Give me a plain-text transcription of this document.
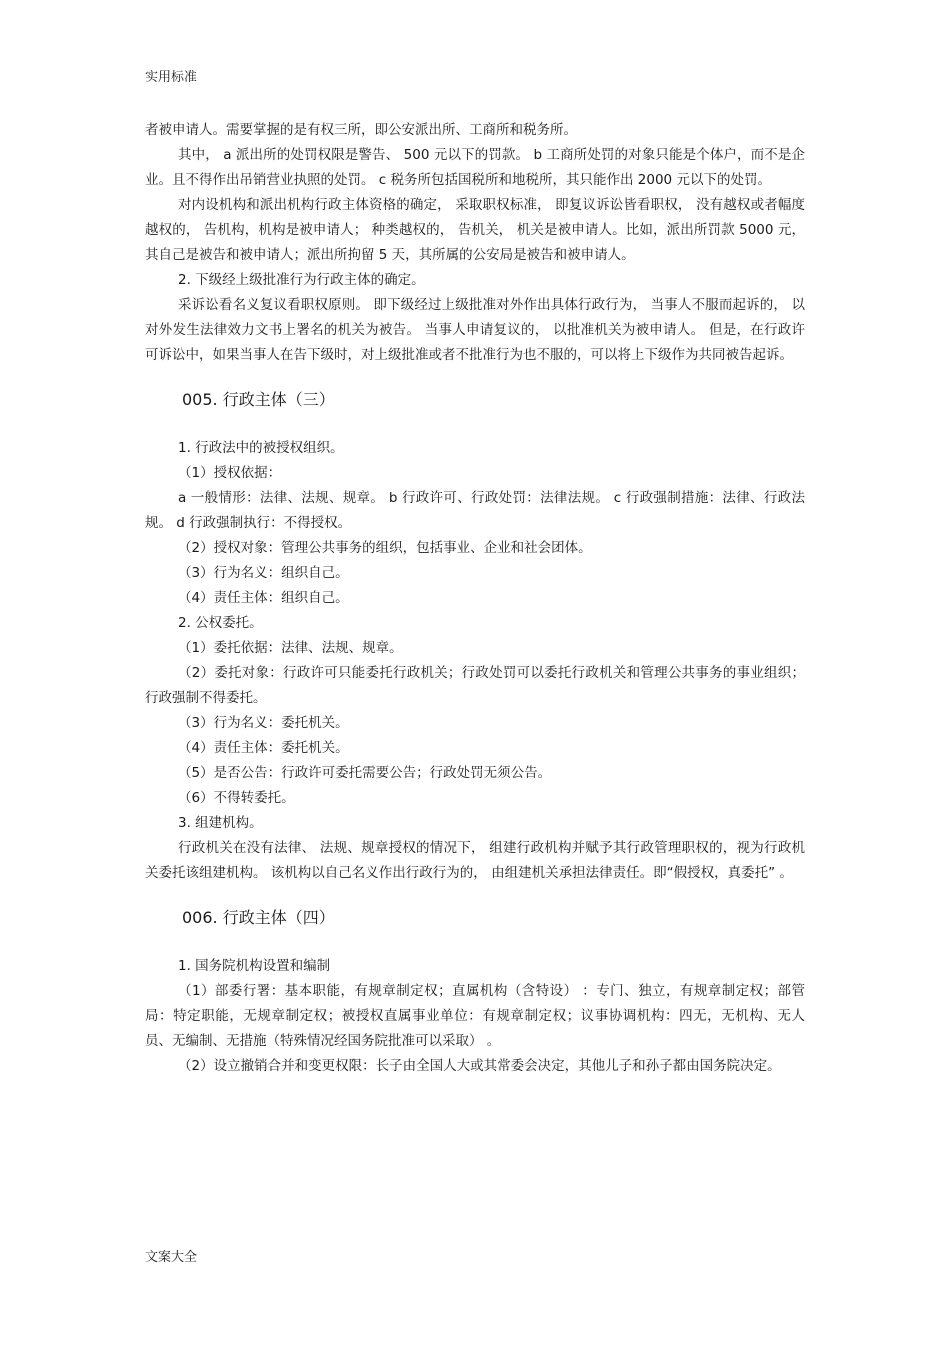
实用标准

者被申请人。需要掌握的是有权三所，即公安派出所、工商所和税务所。

其中， a 派出所的处罚权限是警告、 500 元以下的罚款。 b 工商所处罚的对象只能是个体户，而不是企业。且不得作出吊销营业执照的处罚。 c 税务所包括国税所和地税所，其只能作出 2000 元以下的处罚。

对内设机构和派出机构行政主体资格的确定， 采取职权标准， 即复议诉讼皆看职权， 没有越权或者幅度越权的， 告机构，机构是被申请人； 种类越权的， 告机关， 机关是被申请人。比如，派出所罚款 5000 元，其自己是被告和被申请人；派出所拘留 5 天，其所属的公安局是被告和被申请人。

2. 下级经上级批准行为行政主体的确定。

采诉讼看名义复议看职权原则。 即下级经过上级批准对外作出具体行政行为， 当事人不服而起诉的， 以对外发生法律效力文书上署名的机关为被告。 当事人申请复议的， 以批准机关为被申请人。 但是，在行政许可诉讼中，如果当事人在告下级时，对上级批准或者不批准行为也不服的，可以将上下级作为共同被告起诉。

005. 行政主体（三）

1. 行政法中的被授权组织。

（1）授权依据：

a 一般情形：法律、法规、规章。 b 行政许可、行政处罚：法律法规。 c 行政强制措施：法律、行政法规。 d 行政强制执行：不得授权。

（2）授权对象：管理公共事务的组织，包括事业、企业和社会团体。

（3）行为名义：组织自己。

（4）责任主体：组织自己。

2. 公权委托。

（1）委托依据：法律、法规、规章。

（2）委托对象：行政许可只能委托行政机关；行政处罚可以委托行政机关和管理公共事务的事业组织；行政强制不得委托。

（3）行为名义：委托机关。

（4）责任主体：委托机关。

（5）是否公告：行政许可委托需要公告；行政处罚无须公告。

（6）不得转委托。

3. 组建机构。

行政机关在没有法律、 法规、规章授权的情况下， 组建行政机构并赋予其行政管理职权的，视为行政机关委托该组建机构。 该机构以自己名义作出行政行为的， 由组建机关承担法律责任。即“假授权，真委托” 。

006. 行政主体（四）

1. 国务院机构设置和编制

（1）部委行署：基本职能，有规章制定权；直属机构（含特设） ：专门、独立，有规章制定权；部管局：特定职能，无规章制定权；被授权直属事业单位：有规章制定权；议事协调机构：四无，无机构、无人员、无编制、无措施（特殊情况经国务院批准可以采取） 。

（2）设立撤销合并和变更权限：长子由全国人大或其常委会决定，其他儿子和孙子都由国务院决定。

文案大全
